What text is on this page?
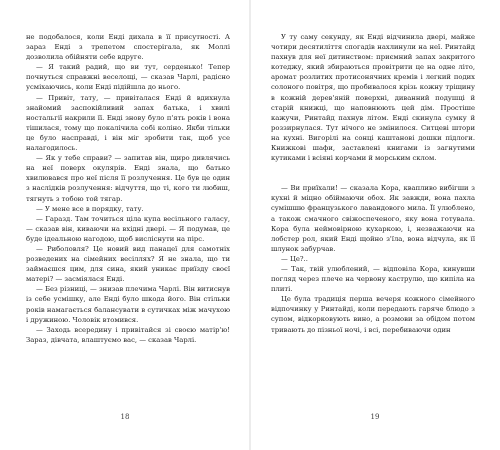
не подобалося, коли Енді дихала в її присутності. А зараз Енді з трепетом спостерігала, як Моллі дозволила обійняти себе вдруге.

— Я такий радий, що ви тут, серденько! Тепер почнуться справжні веселощі, — сказав Чарлі, радісно усміхаючись, коли Енді підійшла до нього.

— Привіт, тату, — привіталася Енді й вдихнула знайомий заспокійливий запах батька, і хвилі ностальгії накрили її. Енді знову було п'ять років і вона тішилася, тому що покалічила собі коліно. Якби тільки це було насправді, і він міг зробити так, щоб усе налагодилось.

— Як у тебе справи? — запитав він, щиро дивлячись на неї поверх окулярів. Енді знала, що батько хвилювався про неї після її розлучення. Це був це один з наслідків розлучення: відчуття, що ті, кого ти любиш, тягнуть з тобою той тягар.

— У мене все в порядку, тату.

— Гаразд. Там точиться ціла купа весільного галасу, — сказав він, киваючи на вхідні двері. — Я подумав, це буде ідеальною нагодою, щоб висліснути на пірс.

— Риболовля? Це новий вид панацеї для самотніх розведених на сімейних весіллях? Я не знала, що ти займаєшся цим, для сина, який уникає приїзду своєї матері? — засміялася Енді.

— Без різниці, — знизав плечима Чарлі. Він витиснув із себе усмішку, але Енді було шкода його. Він стільки років намагається балансувати в сутичках між мачухою і дружиною. Чоловік втомився.

— Заходь всередину і привітайся зі своєю матір'ю! Зараз, дівчата, влаштуємо вас, — сказав Чарлі.

18

У ту саму секунду, як Енді відчинила двері, майже чотири десятиліття спогадів нахлинули на неї. Ринтайд пахнув для неї дитинством: приємний запах закритого котеджу, який збираються провітрити це на одне літо, аромат розлитих протисонячних кремів і легкий подих солоного повітря, що пробивалося крізь кожну тріщину в кожній дерев'яній поверхні, диванний подушці й старій книжці, що наповнюють цей дім. Простіше кажучи, Ринтайд пахнув літом. Енді скинула сумку й роззирнулася. Тут нічого не змінилося. Ситцеві штори на кухні. Вигорілі на сонці каштанові дошки підлоги. Книжкові шафи, заставлені книгами із загнутими кутиками і всіяні корчами й морським склом.

— Ви приїхали! — сказала Кора, квапливо вибігши з кухні й міцно обіймаючи обох. Як завжди, вона пахла сумішшю французького лавандового мила. Її улюблено, а також смачного свіжоспеченого, яку вона готувала. Кора була неймовірною кухаркою, і, незважаючи на лобстер рол, який Енді щойно з'їла, вона відчула, як її шлунок забурчав.

— Це?..

— Так, твій улюблений, — відповіла Кора, кинувши погляд через плече на червону каструлю, що кипіла на плиті.

Це була традиція перша вечеря кожного сімейного відпочинку у Ринтайді, коли передають гаряче блюдо з супом, відкорковують вино, а розмови за обідом потом тривають до пізньої ночі, і всі, перебиваючи один

19
